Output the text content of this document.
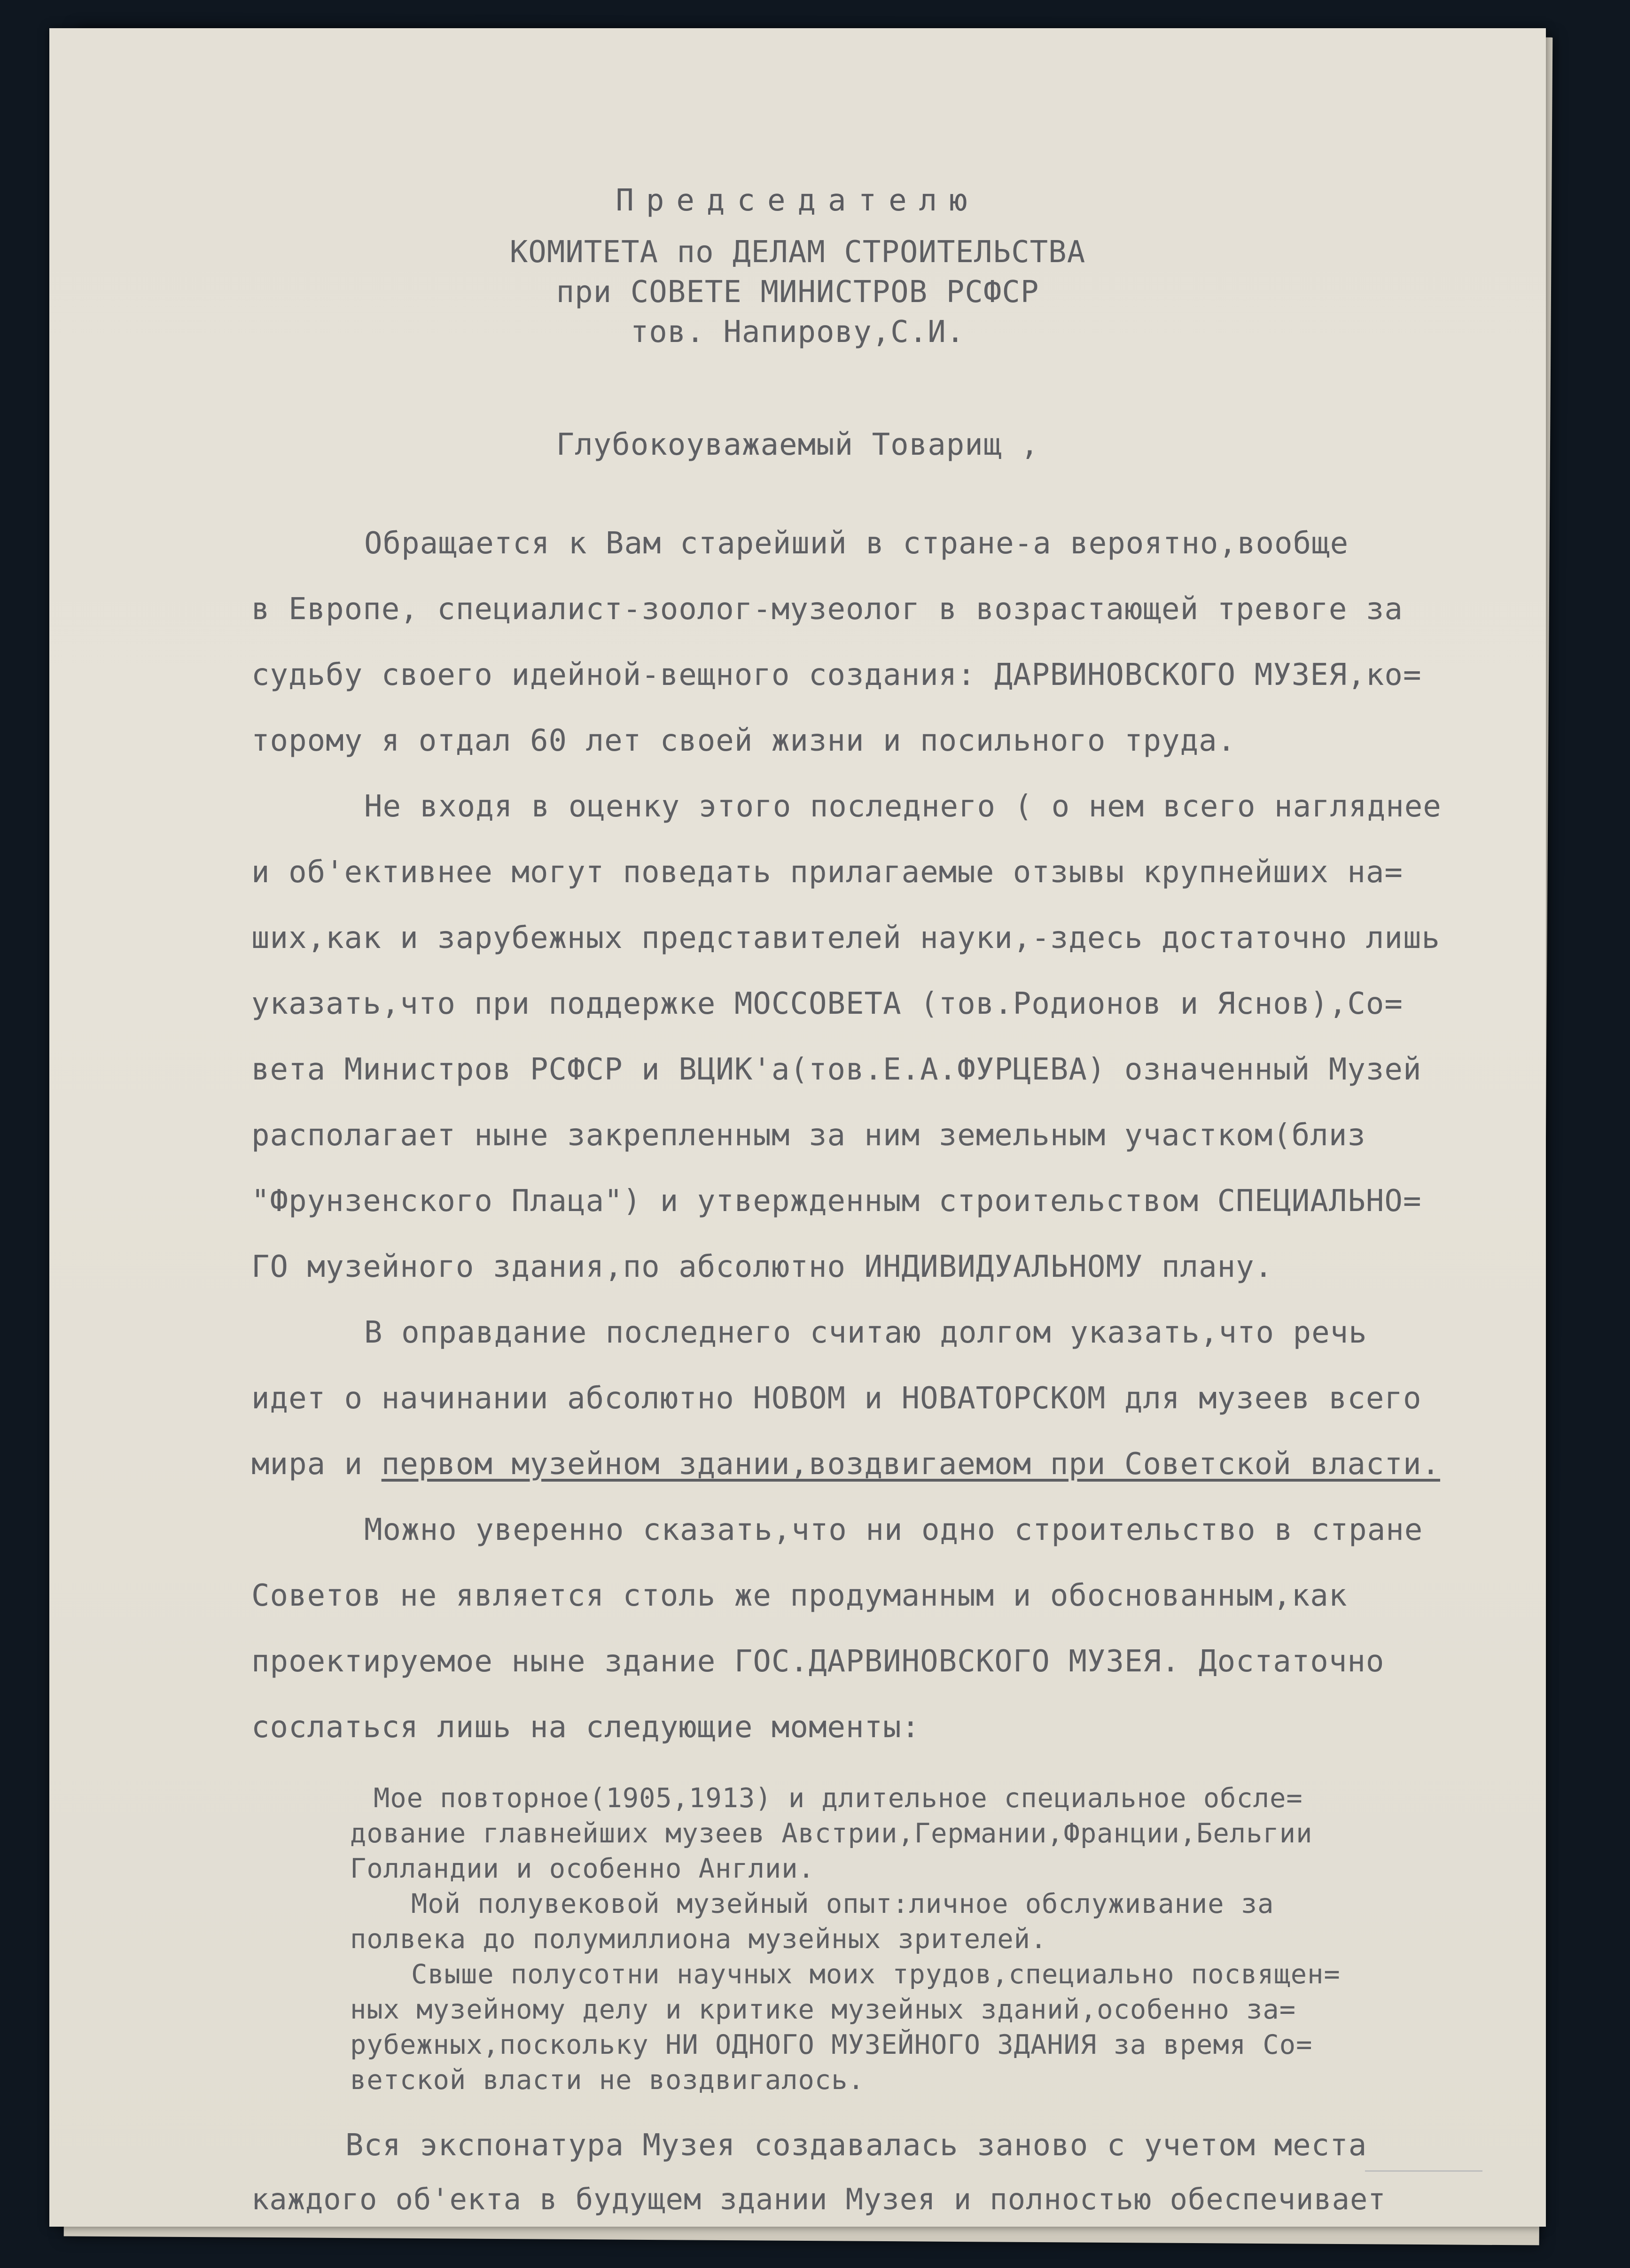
Председателю
КОМИТЕТА по ДЕЛАМ СТРОИТЕЛЬСТВА
при СОВЕТЕ МИНИСТРОВ РСФСР
тов. Напирову,С.И.
Глубокоуважаемый Товарищ ,
Обращается к Вам старейший в стране-а вероятно,вообще
в Европе, специалист-зоолог-музеолог в возрастающей тревоге за
судьбу своего идейной-вещного создания: ДАРВИНОВСКОГО МУЗЕЯ,ко=
торому я отдал 60 лет своей жизни и посильного труда.
Не входя в оценку этого последнего ( о нем всего нагляднее
и об'ективнее могут поведать прилагаемые отзывы крупнейших на=
ших,как и зарубежных представителей науки,-здесь достаточно лишь
указать,что при поддержке МОССОВЕТА (тов.Родионов и Яснов),Со=
вета Министров РСФСР и ВЦИК'а(тов.Е.А.ФУРЦЕВА) означенный Музей
располагает ныне закрепленным за ним земельным участком(близ
"Фрунзенского Плаца") и утвержденным строительством СПЕЦИАЛЬНО=
ГО музейного здания,по абсолютно ИНДИВИДУАЛЬНОМУ плану.
В оправдание последнего считаю долгом указать,что речь
идет о начинании абсолютно НОВОМ и НОВАТОРСКОМ для музеев всего
мира и первом музейном здании,воздвигаемом при Советской власти.
Можно уверенно сказать,что ни одно строительство в стране
Советов не является столь же продуманным и обоснованным,как
проектируемое ныне здание ГОС.ДАРВИНОВСКОГО МУЗЕЯ. Достаточно
сослаться лишь на следующие моменты:
Мое повторное(1905,1913) и длительное специальное обсле=
дование главнейших музеев Австрии,Германии,Франции,Бельгии
Голландии и особенно Англии.
Мой полувековой музейный опыт:личное обслуживание за
полвека до полумиллиона музейных зрителей.
Свыше полусотни научных моих трудов,специально посвящен=
ных музейному делу и критике музейных зданий,особенно за=
рубежных,поскольку НИ ОДНОГО МУЗЕЙНОГО ЗДАНИЯ за время Со=
ветской власти не воздвигалось.
Вся экспонатура Музея создавалась заново с учетом места
каждого об'екта в будущем здании Музея и полностью обеспечивает
